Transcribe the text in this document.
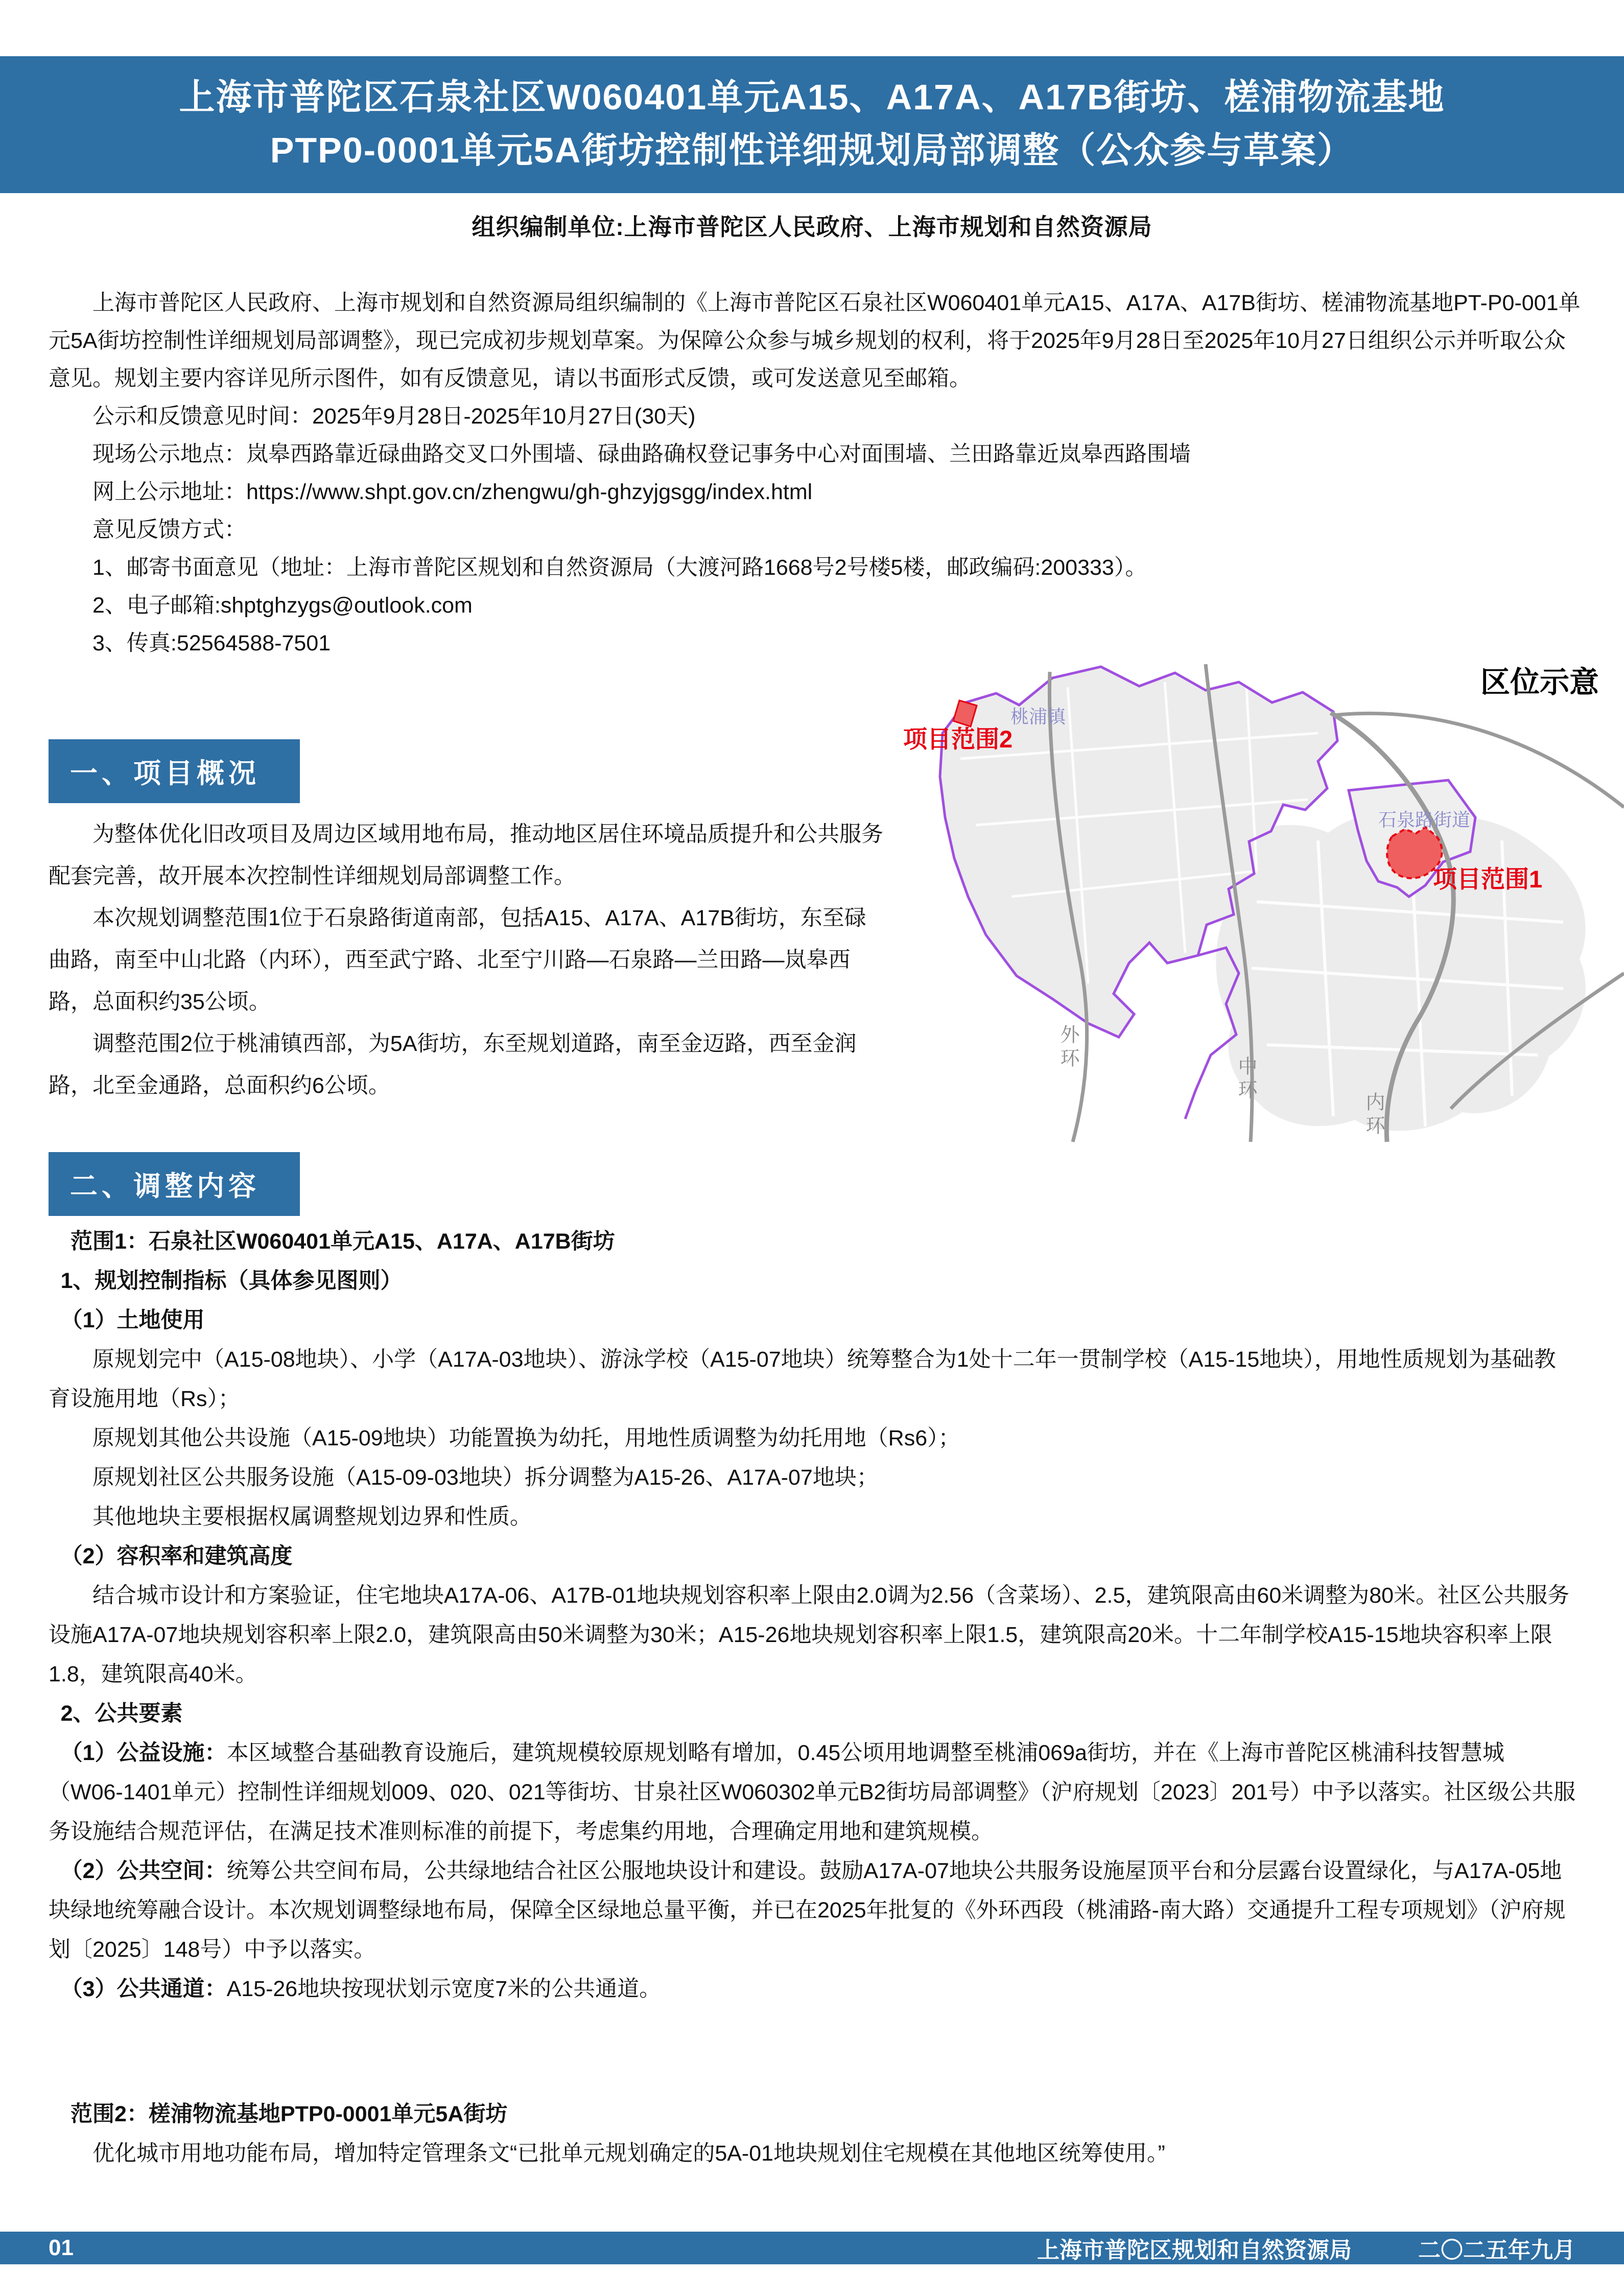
上海市普陀区石泉社区W060401单元A15、A17A、A17B街坊、槎浦物流基地
PTP0-0001单元5A街坊控制性详细规划局部调整（公众参与草案）
组织编制单位:上海市普陀区人民政府、上海市规划和自然资源局

上海市普陀区人民政府、上海市规划和自然资源局组织编制的《上海市普陀区石泉社区W060401单元A15、A17A、A17B街坊、槎浦物流基地PT-P0-001单元5A街坊控制性详细规划局部调整》，现已完成初步规划草案。为保障公众参与城乡规划的权利，将于2025年9月28日至2025年10月27日组织公示并听取公众意见。规划主要内容详见所示图件，如有反馈意见，请以书面形式反馈，或可发送意见至邮箱。

公示和反馈意见时间：2025年9月28日-2025年10月27日(30天)

现场公示地点：岚皋西路靠近碌曲路交叉口外围墙、碌曲路确权登记事务中心对面围墙、兰田路靠近岚皋西路围墙

网上公示地址：https://www.shpt.gov.cn/zhengwu/gh-ghzyjgsgg/index.html

意见反馈方式：

1、邮寄书面意见（地址：上海市普陀区规划和自然资源局（大渡河路1668号2号楼5楼，邮政编码:200333）。

2、电子邮箱:shptghzygs@outlook.com

3、传真:52564588-7501

一、项目概况

为整体优化旧改项目及周边区域用地布局，推动地区居住环境品质提升和公共服务配套完善，故开展本次控制性详细规划局部调整工作。

本次规划调整范围1位于石泉路街道南部，包括A15、A17A、A17B街坊，东至碌曲路，南至中山北路（内环），西至武宁路、北至宁川路—石泉路—兰田路—岚皋西路，总面积约35公顷。

调整范围2位于桃浦镇西部，为5A街坊，东至规划道路，南至金迈路，西至金润路，北至金通路，总面积约6公顷。

区位示意
桃浦镇
项目范围2
石泉路街道
项目范围1
外环
中环
内环
二、调整内容

范围1：石泉社区W060401单元A15、A17A、A17B街坊

1、规划控制指标（具体参见图则）

（1）土地使用

原规划完中（A15-08地块）、小学（A17A-03地块）、游泳学校（A15-07地块）统筹整合为1处十二年一贯制学校（A15-15地块），用地性质规划为基础教育设施用地（Rs）；

原规划其他公共设施（A15-09地块）功能置换为幼托，用地性质调整为幼托用地（Rs6）；

原规划社区公共服务设施（A15-09-03地块）拆分调整为A15-26、A17A-07地块；

其他地块主要根据权属调整规划边界和性质。

（2）容积率和建筑高度

结合城市设计和方案验证，住宅地块A17A-06、A17B-01地块规划容积率上限由2.0调为2.56（含菜场）、2.5，建筑限高由60米调整为80米。社区公共服务设施A17A-07地块规划容积率上限2.0，建筑限高由50米调整为30米；A15-26地块规划容积率上限1.5，建筑限高20米。十二年制学校A15-15地块容积率上限1.8，建筑限高40米。

2、公共要素

（1）公益设施：本区域整合基础教育设施后，建筑规模较原规划略有增加，0.45公顷用地调整至桃浦069a街坊，并在《上海市普陀区桃浦科技智慧城（W06-1401单元）控制性详细规划009、020、021等街坊、甘泉社区W060302单元B2街坊局部调整》（沪府规划〔2023〕201号）中予以落实。社区级公共服务设施结合规范评估，在满足技术准则标准的前提下，考虑集约用地，合理确定用地和建筑规模。

（2）公共空间：统筹公共空间布局，公共绿地结合社区公服地块设计和建设。鼓励A17A-07地块公共服务设施屋顶平台和分层露台设置绿化，与A17A-05地块绿地统筹融合设计。本次规划调整绿地布局，保障全区绿地总量平衡，并已在2025年批复的《外环西段（桃浦路-南大路）交通提升工程专项规划》（沪府规划〔2025〕148号）中予以落实。

（3）公共通道：A15-26地块按现状划示宽度7米的公共通道。

范围2：槎浦物流基地PTP0-0001单元5A街坊

优化城市用地功能布局，增加特定管理条文“已批单元规划确定的5A-01地块规划住宅规模在其他地区统筹使用。”

01	上海市普陀区规划和自然资源局	二〇二五年九月
